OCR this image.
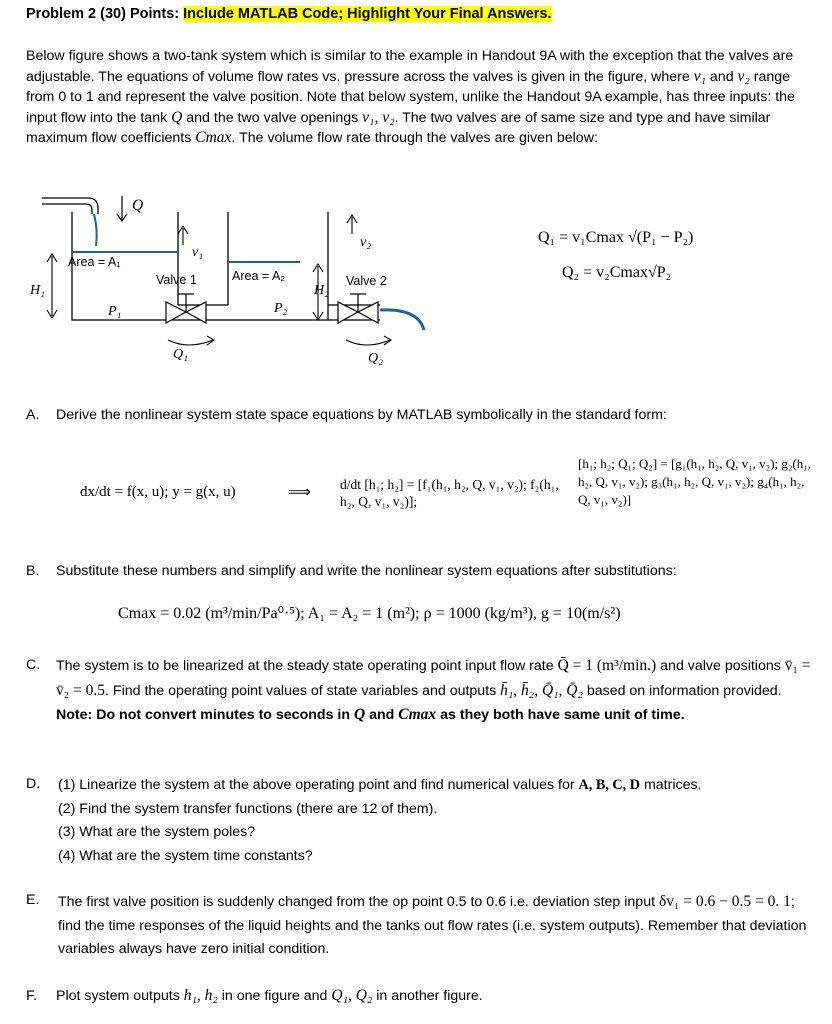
Problem 2 (30) Points: Include MATLAB Code; Highlight Your Final Answers.
Below figure shows a two-tank system which is similar to the example in Handout 9A with the exception that the valves are adjustable. The equations of volume flow rates vs. pressure across the valves is given in the figure, where v₁ and v₂ range from 0 to 1 and represent the valve position. Note that below system, unlike the Handout 9A example, has three inputs: the input flow into the tank Q and the two valve openings v₁, v₂. The two valves are of same size and type and have similar maximum flow coefficients Cmax. The volume flow rate through the valves are given below:
Q
Area = A₁
H₁
P₁
v₁
Valve 1
Q₁
Area = A₂
H₂
P₂
v₂
Valve 2
Q₂
Q₁ = v₁Cmax √(P₁ − P₂)
Q₂ = v₂Cmax√P₂
A. Derive the nonlinear system state space equations by MATLAB symbolically in the standard form:
dx/dt = f(x, u); y = g(x, u)	⟹ d/dt [h₁; h₂] = [f₁(h₁, h₂, Q, v₁, v₂); f₂(h₁, h₂, Q, v₁, v₂)];
[h₁; h₂; Q₁; Q₂] = [g₁(h₁, h₂, Q, v₁, v₂); g₂(h₁, h₂, Q, v₁, v₂); g₃(h₁, h₂, Q, v₁, v₂); g₄(h₁, h₂, Q, v₁, v₂)]
B. Substitute these numbers and simplify and write the nonlinear system equations after substitutions:
Cmax = 0.02 (m³/min/Pa⁰·⁵); A₁ = A₂ = 1 (m²); ρ = 1000 (kg/m³), g = 10(m/s²)
C.	The system is to be linearized at the steady state operating point input flow rate Q̄ = 1 (m³/min.) and valve positions v̄₁ = v̄₂ = 0.5. Find the operating point values of state variables and outputs h̄₁, h̄₂, Q̄₁, Q̄₂ based on information provided. Note: Do not convert minutes to seconds in Q and Cmax as they both have same unit of time.
D.	(1) Linearize the system at the above operating point and find numerical values for A, B, C, D matrices.
(2) Find the system transfer functions (there are 12 of them).
(3) What are the system poles?
(4) What are the system time constants?
E.	The first valve position is suddenly changed from the op point 0.5 to 0.6 i.e. deviation step input δv₁ = 0.6 − 0.5 = 0. 1; find the time responses of the liquid heights and the tanks out flow rates (i.e. system outputs). Remember that deviation variables always have zero initial condition.
F. Plot system outputs h₁, h₂ in one figure and Q₁, Q₂ in another figure.
